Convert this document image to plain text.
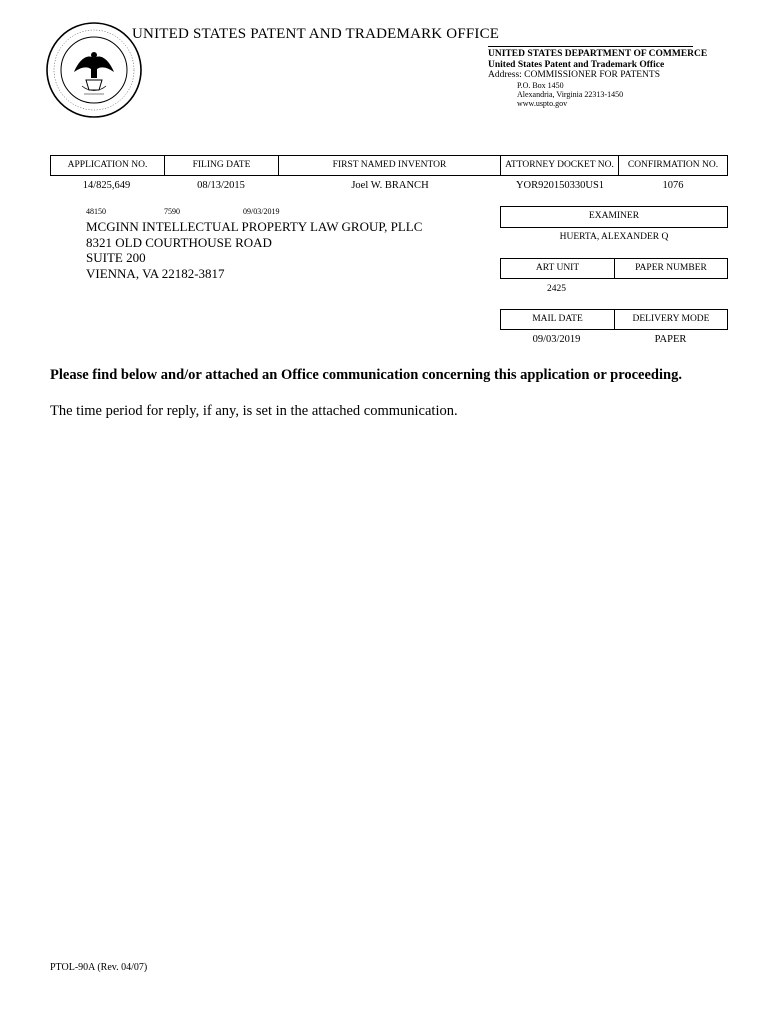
UNITED STATES PATENT AND TRADEMARK OFFICE
UNITED STATES DEPARTMENT OF COMMERCE
United States Patent and Trademark Office
Address: COMMISSIONER FOR PATENTS
P.O. Box 1450
Alexandria, Virginia 22313-1450
www.uspto.gov
APPLICATION NO.	FILING DATE	FIRST NAMED INVENTOR	ATTORNEY DOCKET NO.	CONFIRMATION NO.
14/825,649	08/13/2015	Joel W. BRANCH	YOR920150330US1	1076
48150	7590	09/03/2019
MCGINN INTELLECTUAL PROPERTY LAW GROUP, PLLC
8321 OLD COURTHOUSE ROAD
SUITE 200
VIENNA, VA 22182-3817
EXAMINER
HUERTA, ALEXANDER Q
ART UNIT	PAPER NUMBER
2425
MAIL DATE	DELIVERY MODE
09/03/2019	PAPER
Please find below and/or attached an Office communication concerning this application or proceeding.
The time period for reply, if any, is set in the attached communication.
PTOL-90A (Rev. 04/07)
